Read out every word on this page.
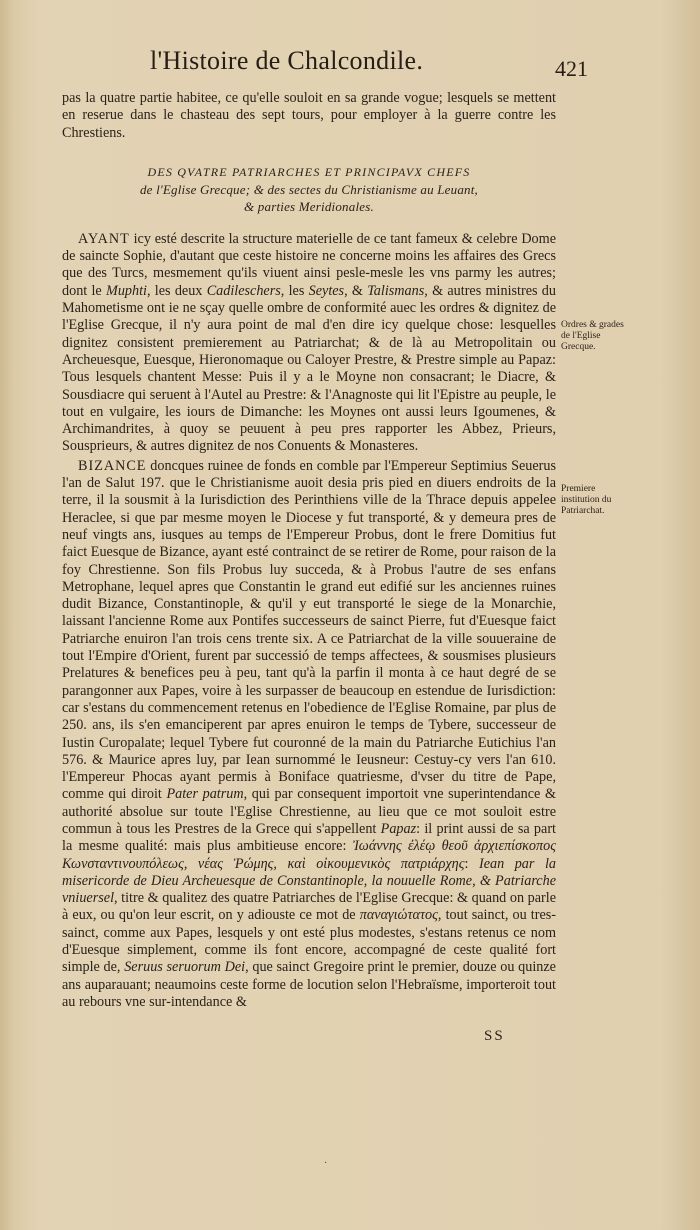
l'Histoire de Chalcondile.	421

pas la quatre partie habitee, ce qu'elle souloit en sa grande vogue; lesquels se mettent en reserue dans le chasteau des sept tours, pour employer à la guerre contre les Chrestiens.

DES QVATRE PATRIARCHES ET PRINCIPAVX CHEFS
de l'Eglise Grecque; & des sectes du Christianisme au Leuant,
& parties Meridionales.

AYANT icy esté descrite la structure materielle de ce tant fameux & celebre Dome de saincte Sophie, d'autant que ceste histoire ne concerne moins les affaires des Grecs que des Turcs, mesmement qu'ils viuent ainsi pesle-mesle les vns parmy les autres; dont le Muphti, les deux Cadileschers, les Seytes, & Talismans, & autres ministres du Mahometisme ont ie ne sçay quelle ombre de conformité auec les ordres & dignitez de l'Eglise Grecque, il n'y aura point de mal d'en dire icy quelque chose: lesquelles dignitez consistent premierement au Patriarchat; & de là au Metropolitain ou Archeuesque, Euesque, Hieronomaque ou Caloyer Prestre, & Prestre simple au Papaz: Tous lesquels chantent Messe: Puis il y a le Moyne non consacrant; le Diacre, & Sousdiacre qui seruent à l'Autel au Prestre: & l'Anagnoste qui lit l'Epistre au peuple, le tout en vulgaire, les iours de Dimanche: les Moynes ont aussi leurs Igoumenes, & Archimandrites, à quoy se peuuent à peu pres rapporter les Abbez, Prieurs, Sousprieurs, & autres dignitez de nos Conuents & Monasteres.

BIZANCE doncques ruinee de fonds en comble par l'Empereur Septimius Seuerus l'an de Salut 197. que le Christianisme auoit desia pris pied en diuers endroits de la terre, il la sousmit à la Iurisdiction des Perinthiens ville de la Thrace depuis appelee Heraclee, si que par mesme moyen le Diocese y fut transporté, & y demeura pres de neuf vingts ans, iusques au temps de l'Empereur Probus, dont le frere Domitius fut faict Euesque de Bizance, ayant esté contrainct de se retirer de Rome, pour raison de la foy Chrestienne. Son fils Probus luy succeda, & à Probus l'autre de ses enfans Metrophane, lequel apres que Constantin le grand eut edifié sur les anciennes ruines dudit Bizance, Constantinople, & qu'il y eut transporté le siege de la Monarchie, laissant l'ancienne Rome aux Pontifes successeurs de sainct Pierre, fut d'Euesque faict Patriarche enuiron l'an trois cens trente six. A ce Patriarchat de la ville souueraine de tout l'Empire d'Orient, furent par successió de temps affectees, & sousmises plusieurs Prelatures & benefices peu à peu, tant qu'à la parfin il monta à ce haut degré de se parangonner aux Papes, voire à les surpasser de beaucoup en estendue de Iurisdiction: car s'estans du commencement retenus en l'obedience de l'Eglise Romaine, par plus de 250. ans, ils s'en emanciperent par apres enuiron le temps de Tybere, successeur de Iustin Curopalate; lequel Tybere fut couronné de la main du Patriarche Eutichius l'an 576. & Maurice apres luy, par Iean surnommé le Ieusneur: Cestuy-cy vers l'an 610. l'Empereur Phocas ayant permis à Boniface quatriesme, d'vser du titre de Pape, comme qui diroit Pater patrum, qui par consequent importoit vne superintendance & authorité absolue sur toute l'Eglise Chrestienne, au lieu que ce mot souloit estre commun à tous les Prestres de la Grece qui s'appellent Papaz: il print aussi de sa part la mesme qualité: mais plus ambitieuse encore: Ἰωάννης ἐλέῳ θεοῦ ἀρχιεπίσκοπος Κωνσταντινουπόλεως, νέας Ῥώμης, καὶ οἰκουμενικὸς πατριάρχης: Iean par la misericorde de Dieu Archeuesque de Constantinople, la nouuelle Rome, & Patriarche vniuersel, titre & qualitez des quatre Patriarches de l'Eglise Grecque: & quand on parle à eux, ou qu'on leur escrit, on y adiouste ce mot de παναγιώτατος, tout sainct, ou tres-sainct, comme aux Papes, lesquels y ont esté plus modestes, s'estans retenus ce nom d'Euesque simplement, comme ils font encore, accompagné de ceste qualité fort simple de, Seruus seruorum Dei, que sainct Gregoire print le premier, douze ou quinze ans auparauant; neaumoins ceste forme de locution selon l'Hebraïsme, importeroit tout au rebours vne sur-intendance &

Ordres & grades de l'Eglise Grecque.
Premiere institution du Patriarchat.
SS
·
